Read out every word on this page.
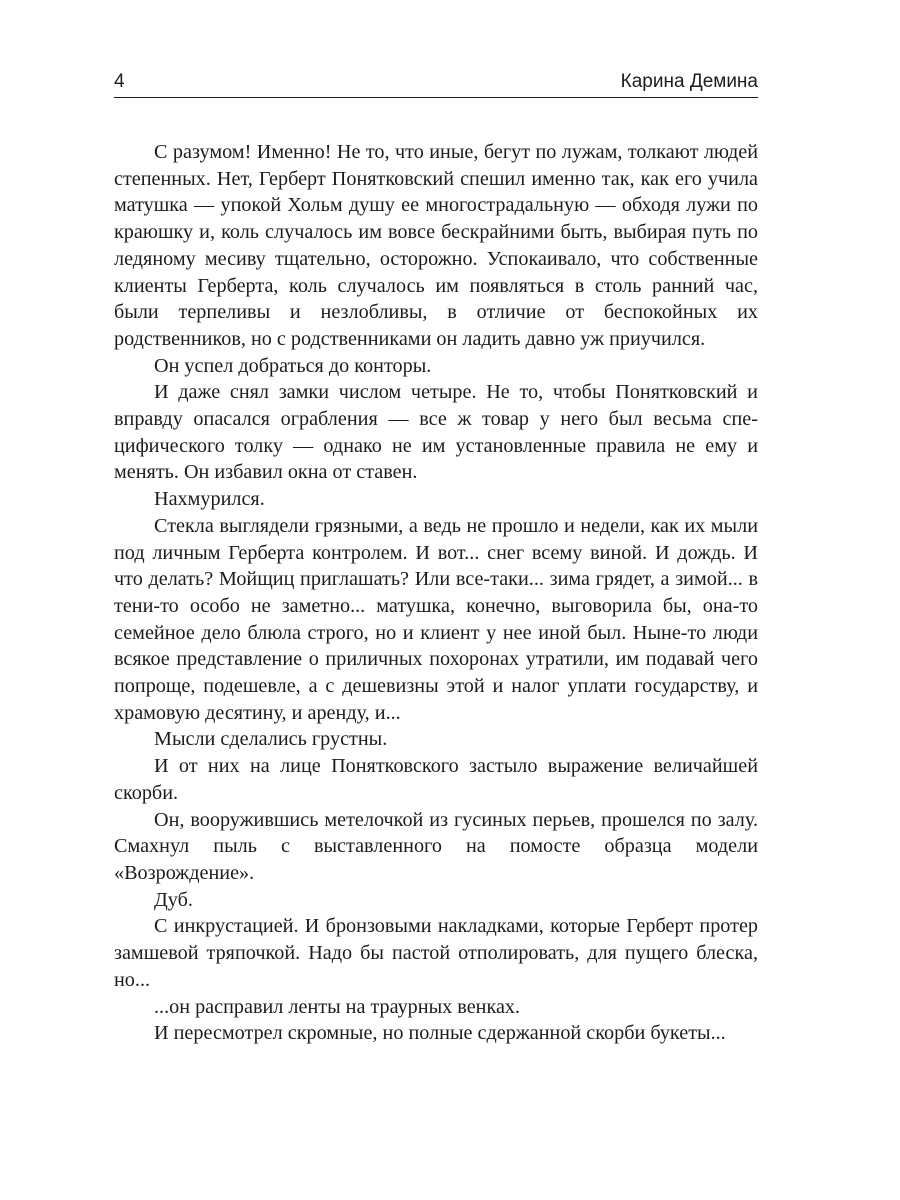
4	Карина Демина

С разумом! Именно! Не то, что иные, бегут по лужам, толкают людей степенных. Нет, Герберт Понятковский спешил именно так, как его учила матушка — упокой Хольм душу ее многострадальную — обходя лужи по краюшку и, коль случалось им вовсе бескрайними быть, выбирая путь по ледяному месиву тщательно, осторожно. Успокаивало, что собственные клиенты Герберта, коль случалось им появляться в столь ранний час, были терпеливы и незлобливы, в отличие от беспокойных их родственников, но с родственниками он ладить давно уж приучился.

Он успел добраться до конторы.

И даже снял замки числом четыре. Не то, чтобы Понятковский и вправду опасался ограбления — все ж товар у него был весьма специфического толку — однако не им установленные правила не ему и менять. Он избавил окна от ставен.

Нахмурился.

Стекла выглядели грязными, а ведь не прошло и недели, как их мыли под личным Герберта контролем. И вот... снег всему виной. И дождь. И что делать? Мойщиц приглашать? Или все-таки... зима грядет, а зимой... в тени-то особо не заметно... матушка, конечно, выговорила бы, она-то семейное дело блюла строго, но и клиент у нее иной был. Ныне-то люди всякое представление о приличных похоронах утратили, им подавай чего попроще, подешевле, а с дешевизны этой и налог уплати государству, и храмовую десятину, и аренду, и...

Мысли сделались грустны.

И от них на лице Понятковского застыло выражение величайшей скорби.

Он, вооружившись метелочкой из гусиных перьев, прошелся по залу. Смахнул пыль с выставленного на помосте образца модели «Возрождение».

Дуб.

С инкрустацией. И бронзовыми накладками, которые Герберт протер замшевой тряпочкой. Надо бы пастой отполировать, для пущего блеска, но...

...он расправил ленты на траурных венках.

И пересмотрел скромные, но полные сдержанной скорби букеты...
